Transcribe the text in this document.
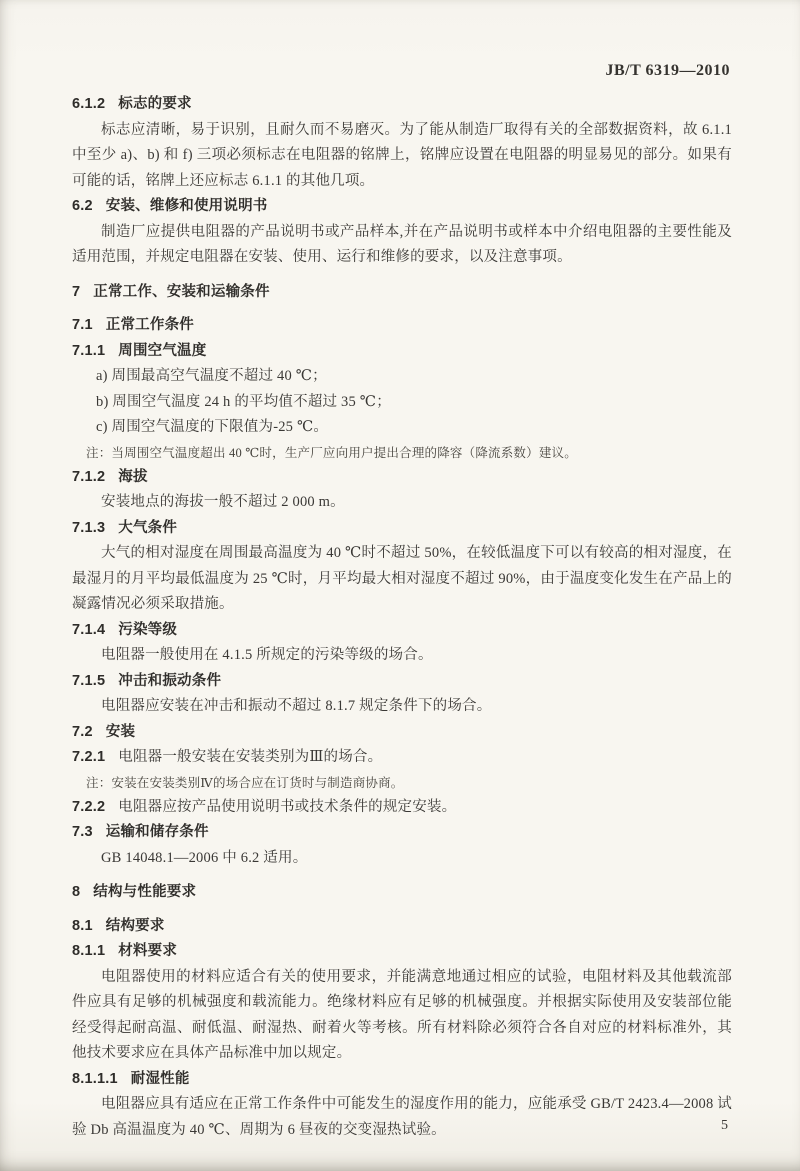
JB/T 6319—2010

6.1.2 标志的要求

标志应清晰，易于识别，且耐久而不易磨灭。为了能从制造厂取得有关的全部数据资料，故 6.1.1 中至少 a)、b) 和 f) 三项必须标志在电阻器的铭牌上，铭牌应设置在电阻器的明显易见的部分。如果有可能的话，铭牌上还应标志 6.1.1 的其他几项。

6.2 安装、维修和使用说明书

制造厂应提供电阻器的产品说明书或产品样本,并在产品说明书或样本中介绍电阻器的主要性能及适用范围，并规定电阻器在安装、使用、运行和维修的要求，以及注意事项。

7 正常工作、安装和运输条件

7.1 正常工作条件

7.1.1 周围空气温度

a) 周围最高空气温度不超过 40 ℃；

b) 周围空气温度 24 h 的平均值不超过 35 ℃；

c) 周围空气温度的下限值为-25 ℃。

注：当周围空气温度超出 40 ℃时，生产厂应向用户提出合理的降容（降流系数）建议。

7.1.2 海拔

安装地点的海拔一般不超过 2 000 m。

7.1.3 大气条件

大气的相对湿度在周围最高温度为 40 ℃时不超过 50%，在较低温度下可以有较高的相对湿度，在最湿月的月平均最低温度为 25 ℃时，月平均最大相对湿度不超过 90%，由于温度变化发生在产品上的凝露情况必须采取措施。

7.1.4 污染等级

电阻器一般使用在 4.1.5 所规定的污染等级的场合。

7.1.5 冲击和振动条件

电阻器应安装在冲击和振动不超过 8.1.7 规定条件下的场合。

7.2 安装

7.2.1 电阻器一般安装在安装类别为Ⅲ的场合。

注：安装在安装类别Ⅳ的场合应在订货时与制造商协商。

7.2.2 电阻器应按产品使用说明书或技术条件的规定安装。

7.3 运输和储存条件

GB 14048.1—2006 中 6.2 适用。

8 结构与性能要求

8.1 结构要求

8.1.1 材料要求

电阻器使用的材料应适合有关的使用要求，并能满意地通过相应的试验，电阻材料及其他载流部件应具有足够的机械强度和载流能力。绝缘材料应有足够的机械强度。并根据实际使用及安装部位能经受得起耐高温、耐低温、耐湿热、耐着火等考核。所有材料除必须符合各自对应的材料标准外，其他技术要求应在具体产品标准中加以规定。

8.1.1.1 耐湿性能

电阻器应具有适应在正常工作条件中可能发生的湿度作用的能力，应能承受 GB/T 2423.4—2008 试验 Db 高温温度为 40 ℃、周期为 6 昼夜的交变湿热试验。	5
